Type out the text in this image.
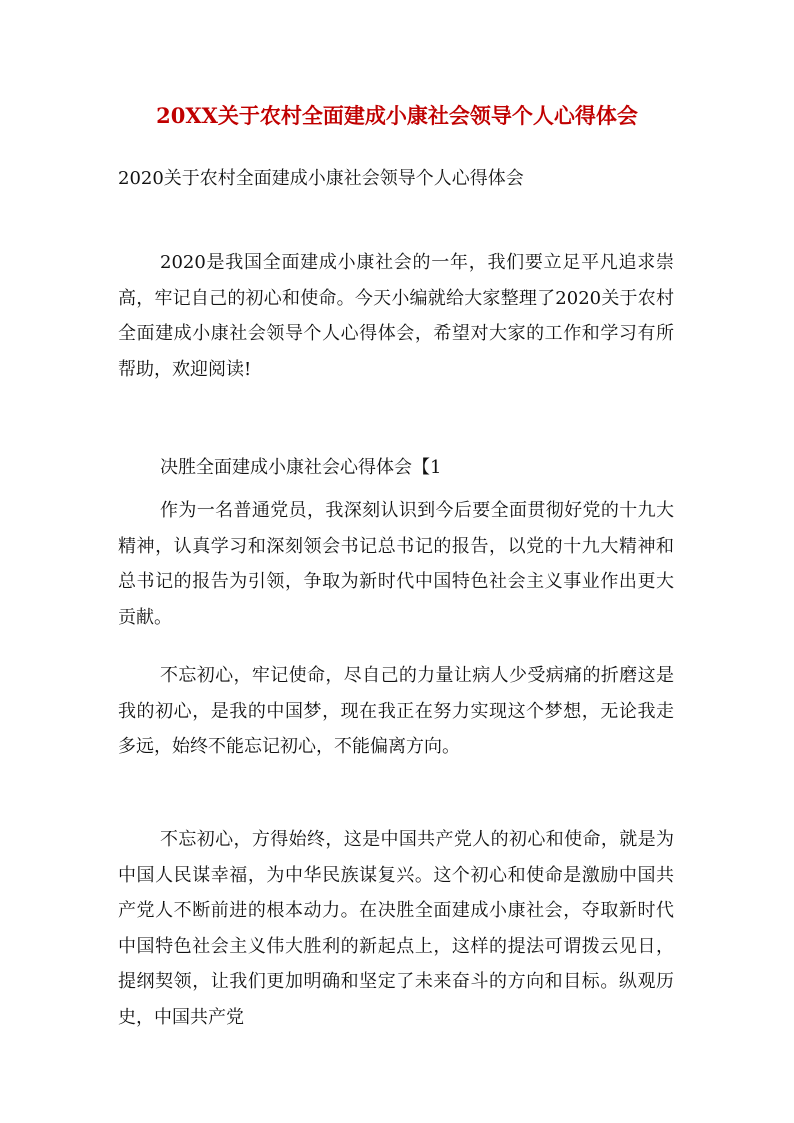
20XX关于农村全面建成小康社会领导个人心得体会

2020关于农村全面建成小康社会领导个人心得体会

2020是我国全面建成小康社会的一年，我们要立足平凡追求崇高，牢记自己的初心和使命。今天小编就给大家整理了2020关于农村全面建成小康社会领导个人心得体会，希望对大家的工作和学习有所帮助，欢迎阅读!

决胜全面建成小康社会心得体会【1

作为一名普通党员，我深刻认识到今后要全面贯彻好党的十九大精神，认真学习和深刻领会书记总书记的报告，以党的十九大精神和总书记的报告为引领，争取为新时代中国特色社会主义事业作出更大贡献。

不忘初心，牢记使命，尽自己的力量让病人少受病痛的折磨这是我的初心，是我的中国梦，现在我正在努力实现这个梦想，无论我走多远，始终不能忘记初心，不能偏离方向。

不忘初心，方得始终，这是中国共产党人的初心和使命，就是为中国人民谋幸福，为中华民族谋复兴。这个初心和使命是激励中国共产党人不断前进的根本动力。在决胜全面建成小康社会，夺取新时代中国特色社会主义伟大胜利的新起点上，这样的提法可谓拨云见日，提纲契领，让我们更加明确和坚定了未来奋斗的方向和目标。纵观历史，中国共产党
